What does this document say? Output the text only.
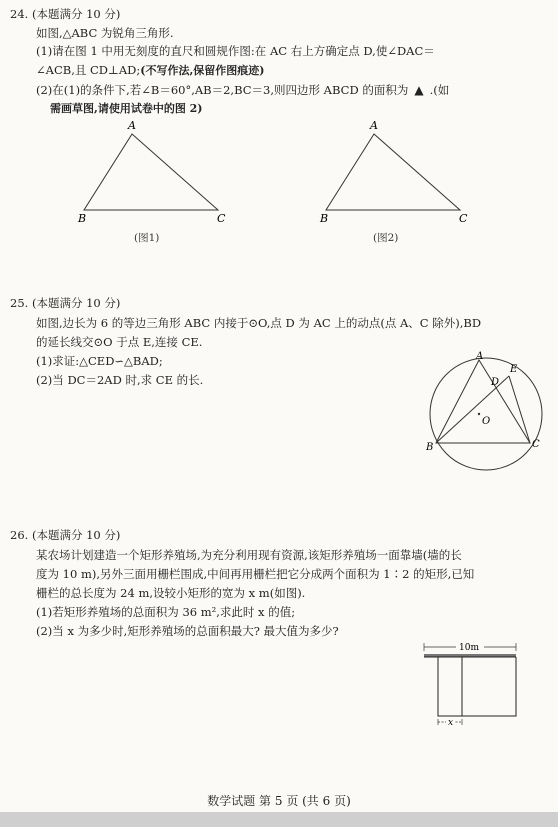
24. (本题满分 10 分)
如图,△ABC 为锐角三角形.
(1)请在图 1 中用无刻度的直尺和圆规作图:在 AC 右上方确定点 D,使∠DAC＝
∠ACB,且 CD⊥AD;(不写作法,保留作图痕迹)
(2)在(1)的条件下,若∠B＝60°,AB＝2,BC＝3,则四边形 ABCD 的面积为 ▲ .(如
需画草图,请使用试卷中的图 2)
A
B	C
(图1)
A
B	C
(图2)
25. (本题满分 10 分)
如图,边长为 6 的等边三角形 ABC 内接于⊙O,点 D 为 AC 上的动点(点 A、C 除外),BD
的延长线交⊙O 于点 E,连接 CE.
(1)求证:△CED∽△BAD;
(2)当 DC＝2AD 时,求 CE 的长.
A
B	C
D
E
O
26. (本题满分 10 分)
某农场计划建造一个矩形养殖场,为充分利用现有资源,该矩形养殖场一面靠墙(墙的长
度为 10 m),另外三面用栅栏围成,中间再用栅栏把它分成两个面积为 1∶2 的矩形,已知
栅栏的总长度为 24 m,设较小矩形的宽为 x m(如图).
(1)若矩形养殖场的总面积为 36 m²,求此时 x 的值;
(2)当 x 为多少时,矩形养殖场的总面积最大? 最大值为多少?
10m
x
数学试题 第 5 页 (共 6 页)
